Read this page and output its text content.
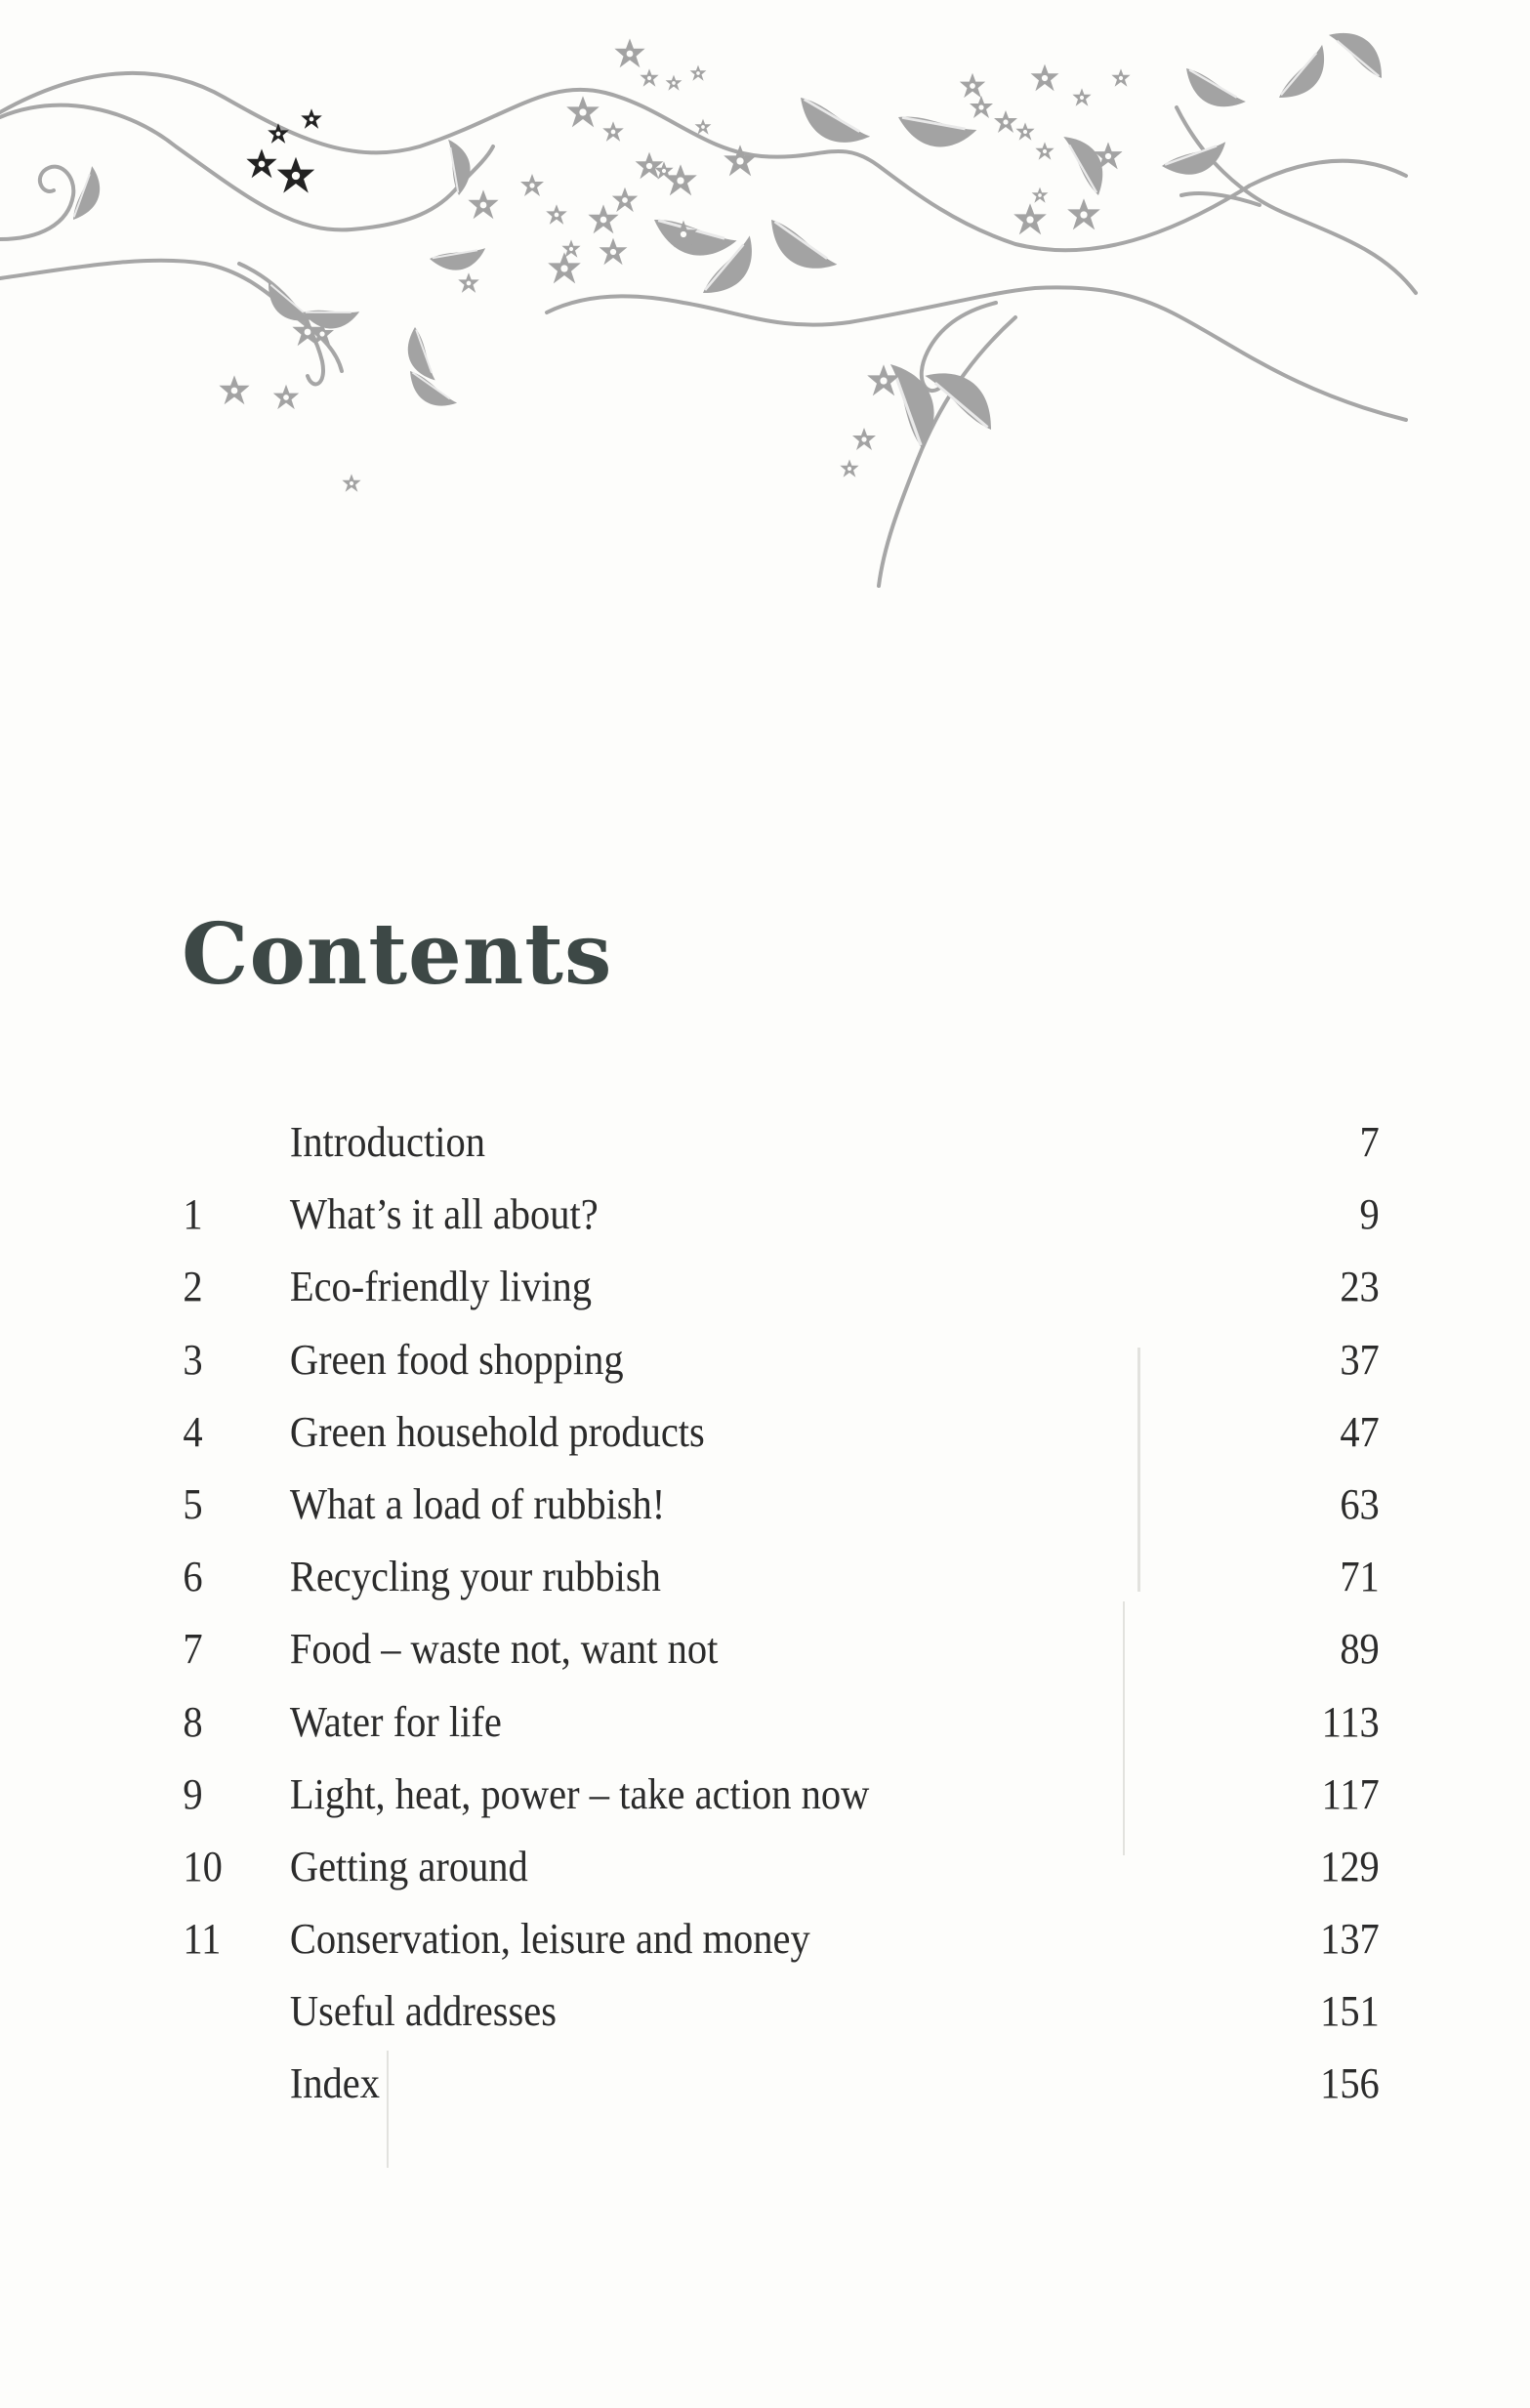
Contents
Introduction	7
1 What’s it all about?	9
2 Eco-friendly living	23
3 Green food shopping	37
4 Green household products	47
5 What a load of rubbish!	63
6 Recycling your rubbish	71
7 Food – waste not, want not	89
8 Water for life	113
9 Light, heat, power – take action now	117
10 Getting around	129
11 Conservation, leisure and money	137
Useful addresses	151
Index	156
